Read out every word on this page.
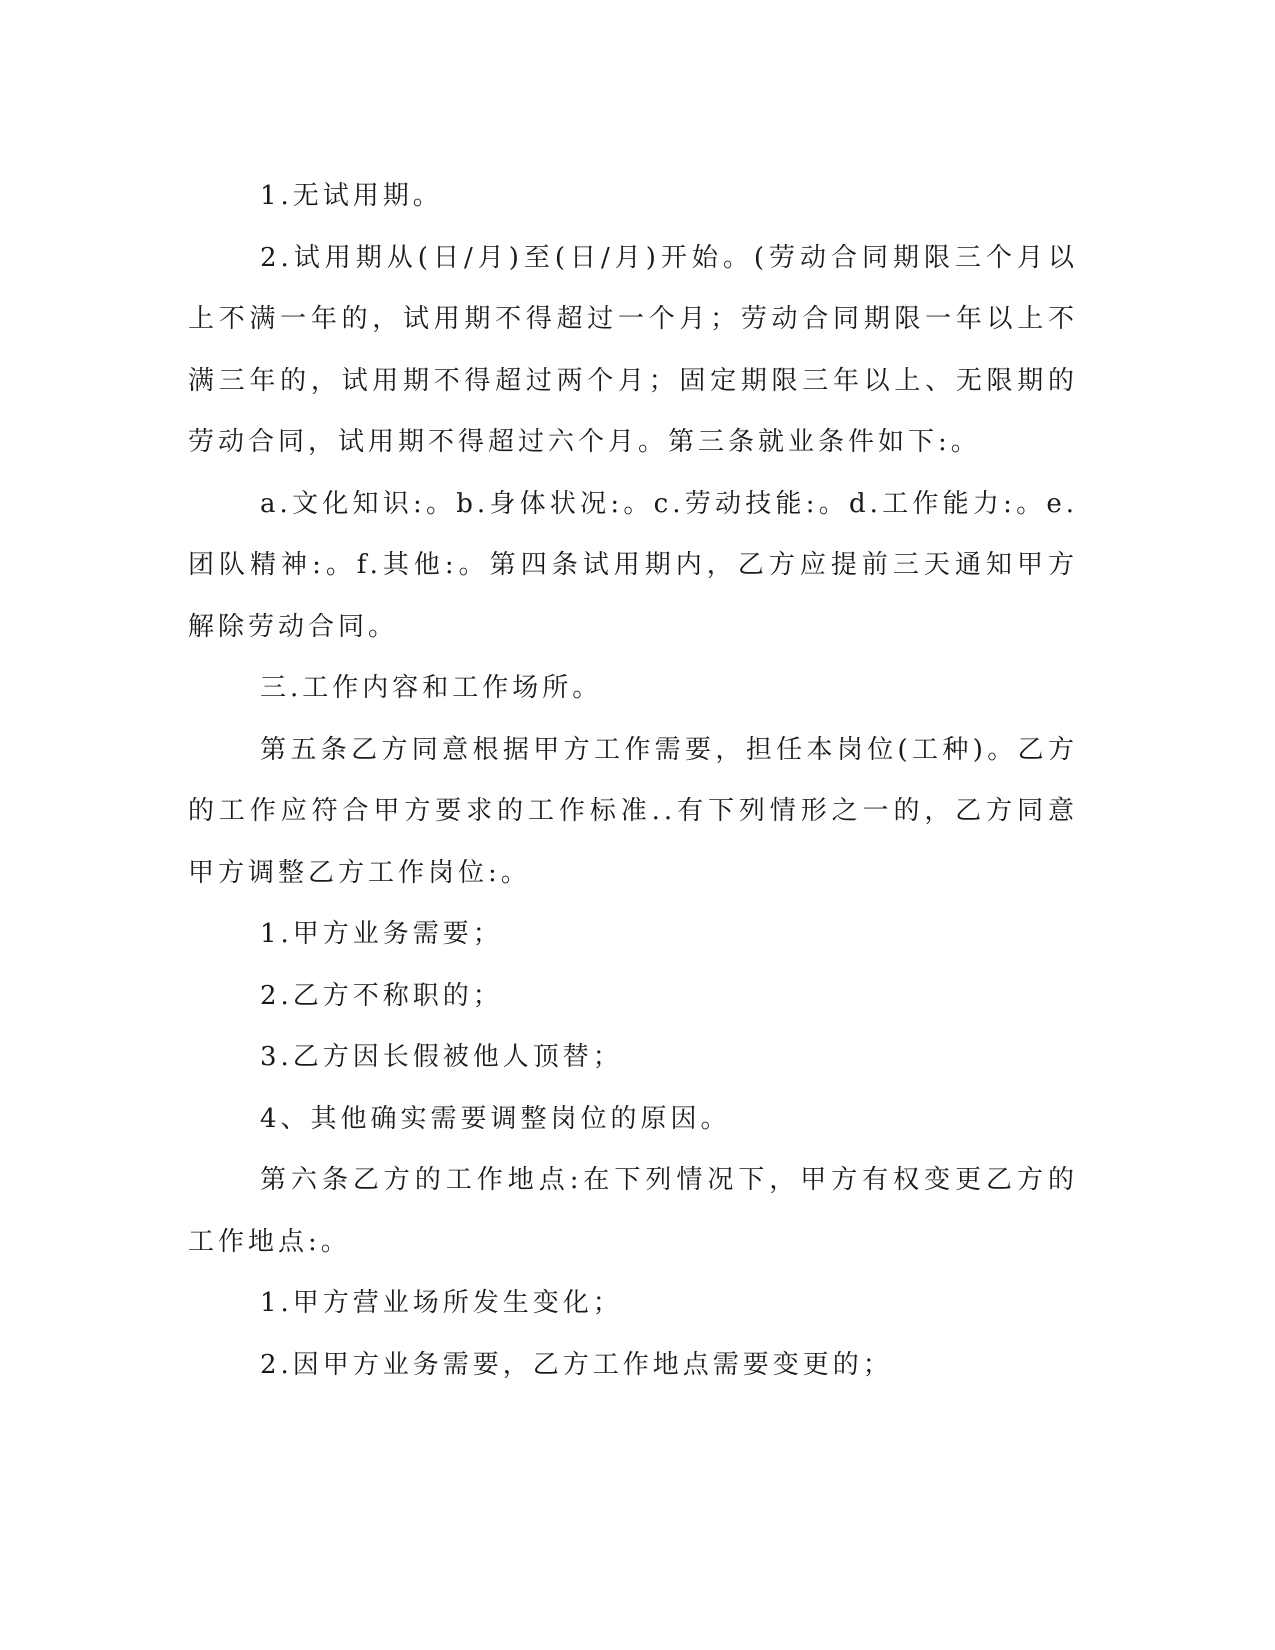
1.无试用期。

2.试用期从(日/月)至(日/月)开始。(劳动合同期限三个月以上不满一年的，试用期不得超过一个月；劳动合同期限一年以上不满三年的，试用期不得超过两个月；固定期限三年以上、无限期的劳动合同，试用期不得超过六个月。第三条就业条件如下:。

a.文化知识:。b.身体状况:。c.劳动技能:。d.工作能力:。e.团队精神:。f.其他:。第四条试用期内，乙方应提前三天通知甲方解除劳动合同。

三.工作内容和工作场所。

第五条乙方同意根据甲方工作需要，担任本岗位(工种)。乙方的工作应符合甲方要求的工作标准..有下列情形之一的，乙方同意甲方调整乙方工作岗位:。

1.甲方业务需要；

2.乙方不称职的；

3.乙方因长假被他人顶替；

4、其他确实需要调整岗位的原因。

第六条乙方的工作地点:在下列情况下，甲方有权变更乙方的工作地点:。

1.甲方营业场所发生变化；

2.因甲方业务需要，乙方工作地点需要变更的；
